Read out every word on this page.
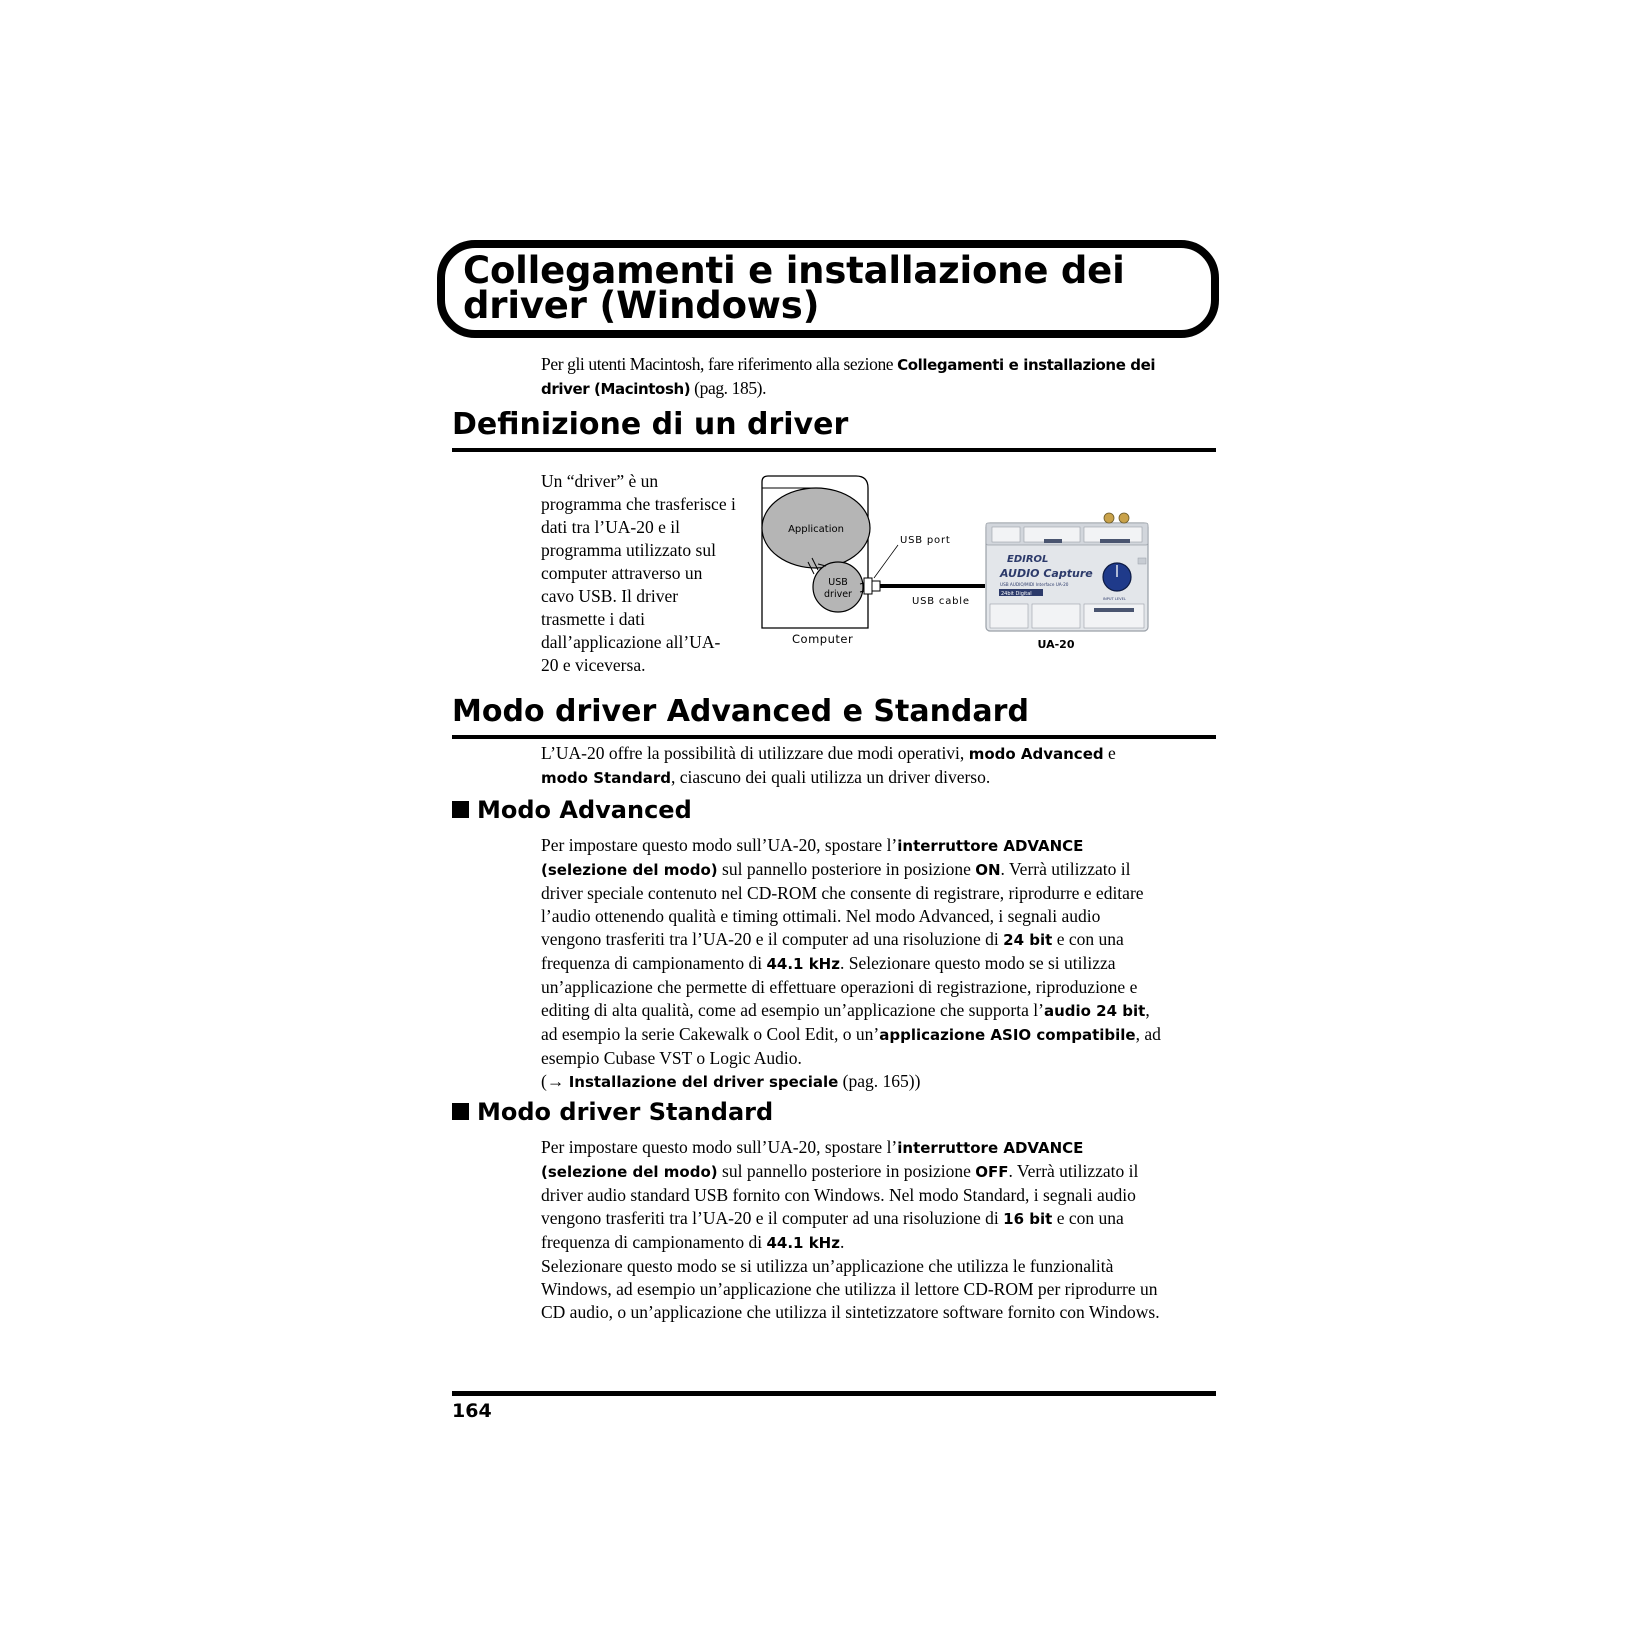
Collegamenti e installazione dei
driver (Windows)
Per gli utenti Macintosh, fare riferimento alla sezione Collegamenti e installazione dei driver (Macintosh) (pag. 185).
Definizione di un driver
Un “driver” è un programma che trasferisce i dati tra l’UA-20 e il programma utilizzato sul computer attraverso un cavo USB. Il driver trasmette i dati dall’applicazione all’UA-20 e viceversa.
Application
USB
driver
USB port
USB cable
Computer
EDIROL
AUDIO Capture
USB AUDIO/MIDI Interface UA-20
24bit Digital
INPUT LEVEL
UA-20
Modo driver Advanced e Standard
L’UA-20 offre la possibilità di utilizzare due modi operativi, modo Advanced e modo Standard, ciascuno dei quali utilizza un driver diverso.
Modo Advanced
Per impostare questo modo sull’UA-20, spostare l’interruttore ADVANCE (selezione del modo) sul pannello posteriore in posizione ON. Verrà utilizzato il driver speciale contenuto nel CD-ROM che consente di registrare, riprodurre e editare l’audio ottenendo qualità e timing ottimali. Nel modo Advanced, i segnali audio vengono trasferiti tra l’UA-20 e il computer ad una risoluzione di 24 bit e con una frequenza di campionamento di 44.1 kHz. Selezionare questo modo se si utilizza un’applicazione che permette di effettuare operazioni di registrazione, riproduzione e editing di alta qualità, come ad esempio un’applicazione che supporta l’audio 24 bit, ad esempio la serie Cakewalk o Cool Edit, o un’applicazione ASIO compatibile, ad esempio Cubase VST o Logic Audio.
(→ Installazione del driver speciale (pag. 165))
Modo driver Standard
Per impostare questo modo sull’UA-20, spostare l’interruttore ADVANCE (selezione del modo) sul pannello posteriore in posizione OFF. Verrà utilizzato il driver audio standard USB fornito con Windows. Nel modo Standard, i segnali audio vengono trasferiti tra l’UA-20 e il computer ad una risoluzione di 16 bit e con una frequenza di campionamento di 44.1 kHz.
Selezionare questo modo se si utilizza un’applicazione che utilizza le funzionalità Windows, ad esempio un’applicazione che utilizza il lettore CD-ROM per riprodurre un CD audio, o un’applicazione che utilizza il sintetizzatore software fornito con Windows.
164
